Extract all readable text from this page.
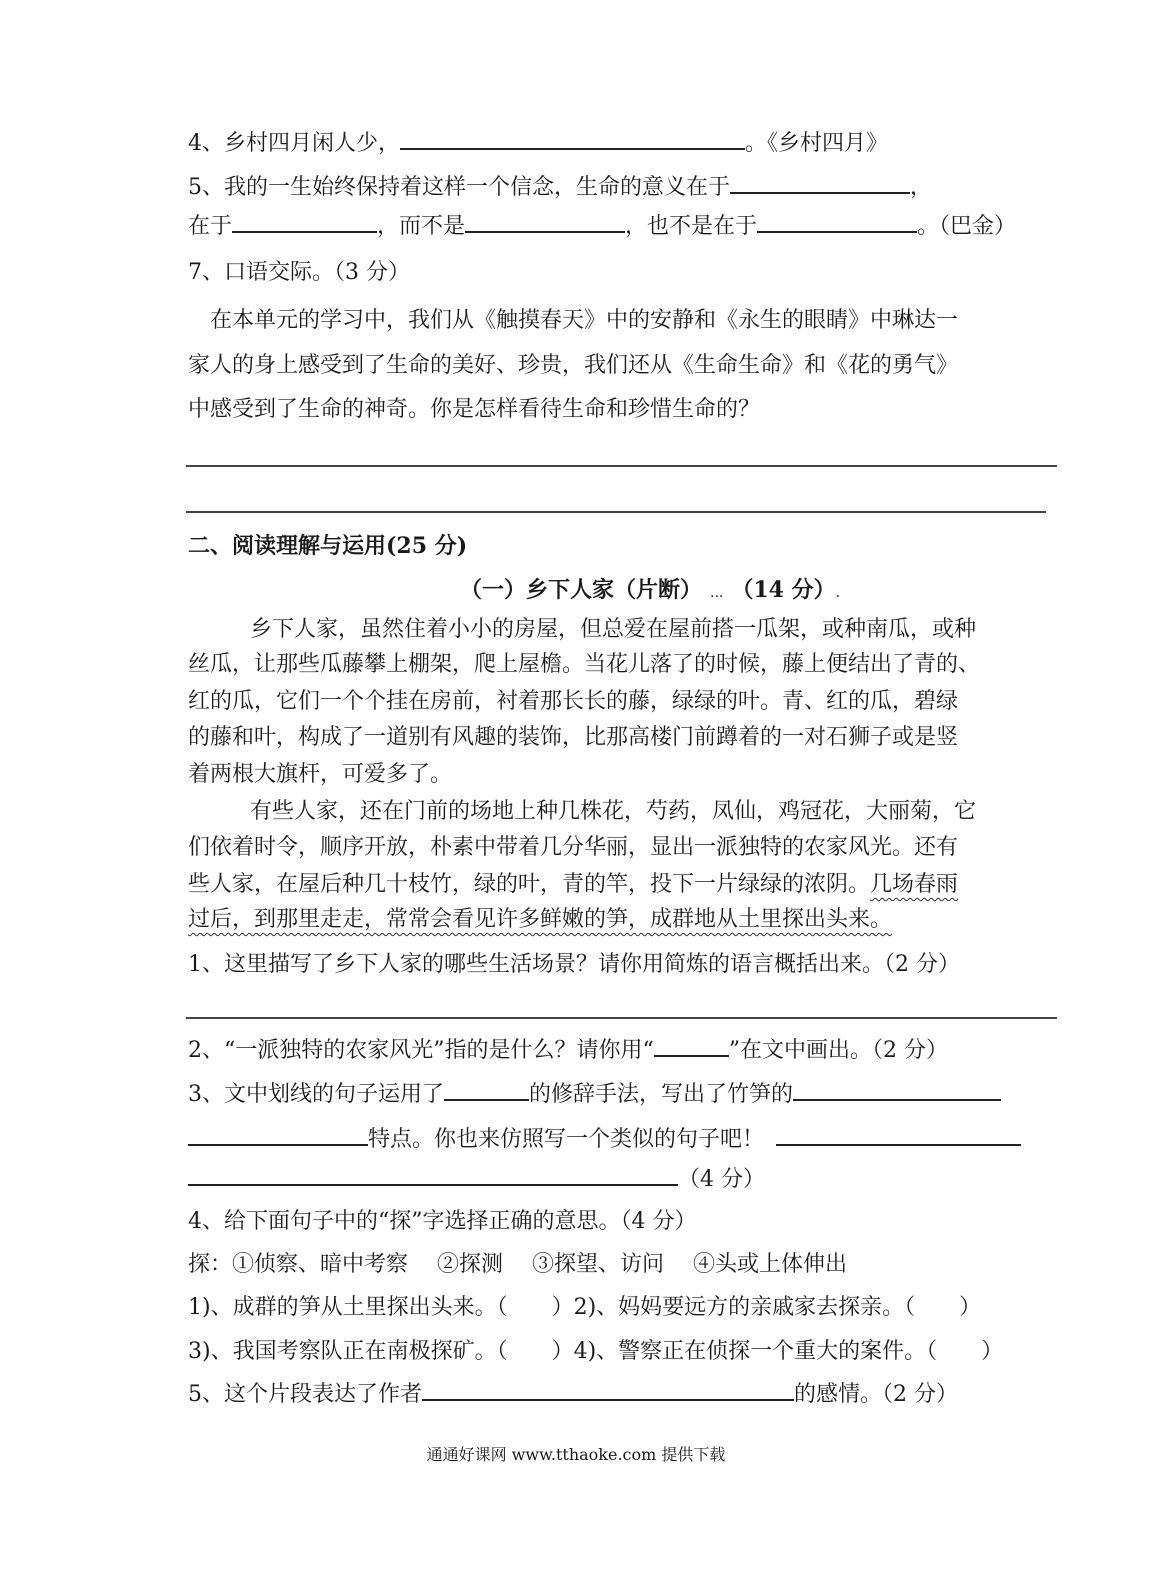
4、乡村四月闲人少，	。《乡村四月》
5、我的一生始终保持着这样一个信念，生命的意义在于	，
在于	，而不是	，也不是在于	。（巴金）
7、口语交际。（3 分）
在本单元的学习中，我们从《触摸春天》中的安静和《永生的眼睛》中琳达一
家人的身上感受到了生命的美好、珍贵，我们还从《生命生命》和《花的勇气》
中感受到了生命的神奇。你是怎样看待生命和珍惜生命的？
二、阅读理解与运用(25 分)
（一）乡下人家（片断） ... （14 分）.
乡下人家，虽然住着小小的房屋，但总爱在屋前搭一瓜架，或种南瓜，或种
丝瓜，让那些瓜藤攀上棚架，爬上屋檐。当花儿落了的时候，藤上便结出了青的、
红的瓜，它们一个个挂在房前，衬着那长长的藤，绿绿的叶。青、红的瓜，碧绿
的藤和叶，构成了一道别有风趣的装饰，比那高楼门前蹲着的一对石狮子或是竖
着两根大旗杆，可爱多了。
有些人家，还在门前的场地上种几株花，芍药，凤仙，鸡冠花，大丽菊，它
们依着时令，顺序开放，朴素中带着几分华丽，显出一派独特的农家风光。还有
些人家，在屋后种几十枝竹，绿的叶，青的竿，投下一片绿绿的浓阴。几场春雨
过后，到那里走走，常常会看见许多鲜嫩的笋，成群地从土里探出头来。
1、这里描写了乡下人家的哪些生活场景？请你用简炼的语言概括出来。（2 分）
2、“一派独特的农家风光”指的是什么？请你用“	”在文中画出。（2 分）
3、文中划线的句子运用了	的修辞手法，写出了竹笋的
特点。你也来仿照写一个类似的句子吧！
（4 分）
4、给下面句子中的“探”字选择正确的意思。（4 分）
探：①侦察、暗中考察　 ②探测　 ③探望、访问　 ④头或上体伸出
1)、成群的笋从土里探出头来。（　　）2)、妈妈要远方的亲戚家去探亲。（　　）
3)、我国考察队正在南极探矿。（　　）4)、警察正在侦探一个重大的案件。（　　）
5、这个片段表达了作者	的感情。（2 分）
通通好课网 www.tthaoke.com 提供下载
